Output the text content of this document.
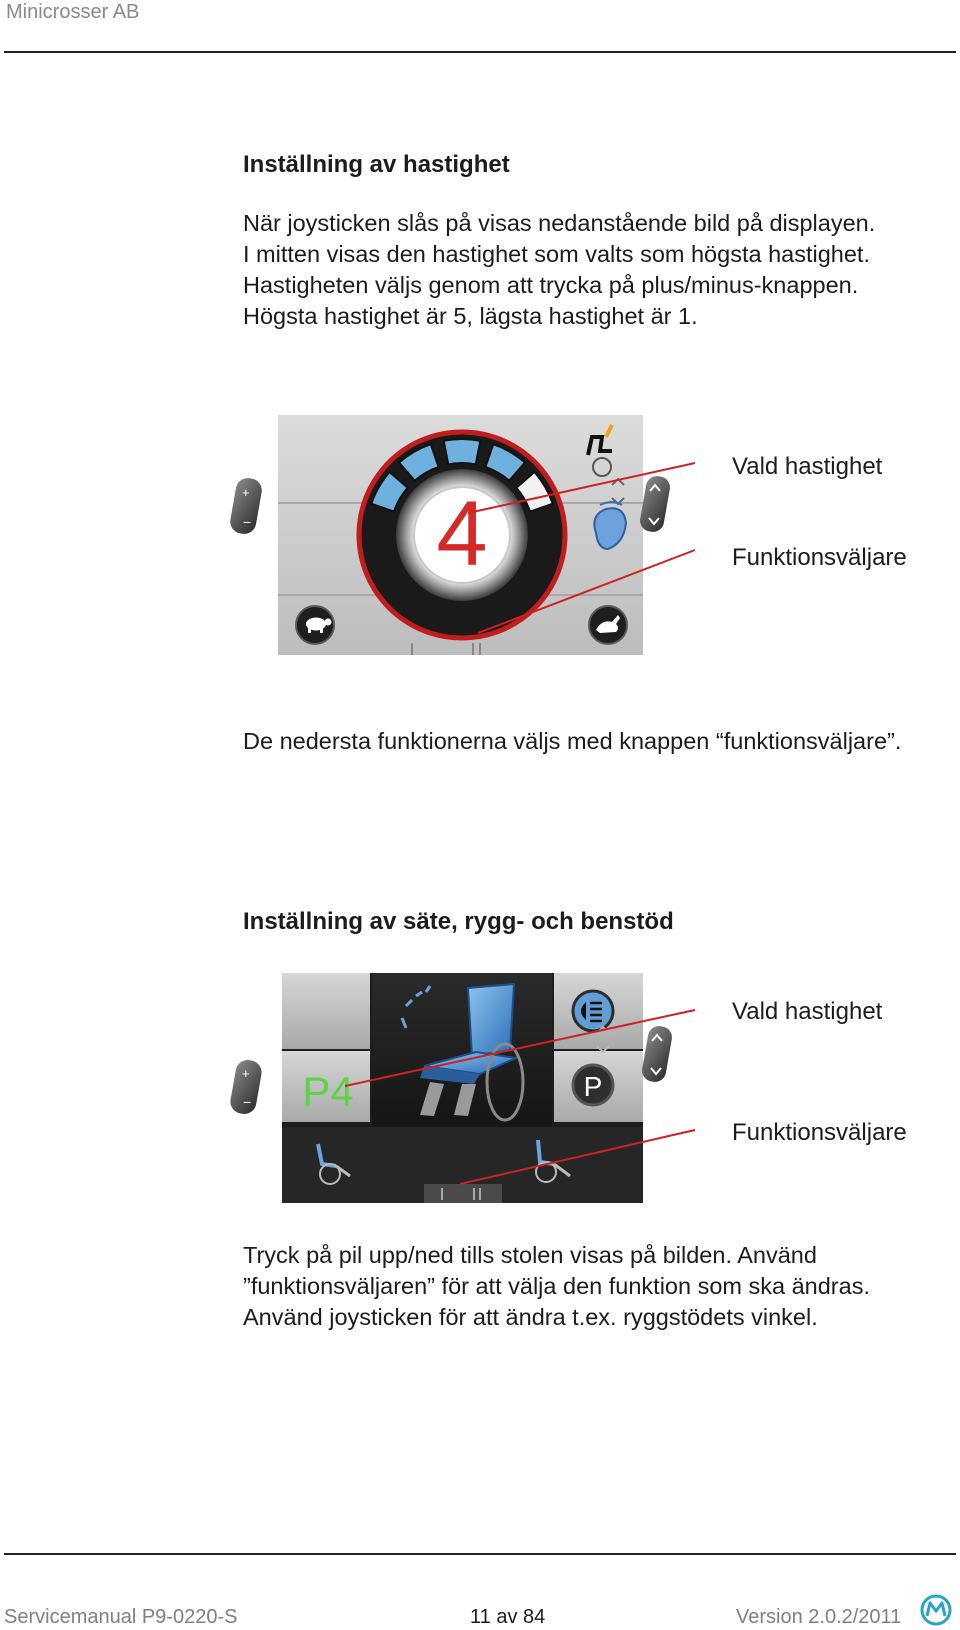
Minicrosser AB
Inställning av hastighet
När joysticken slås på visas nedanstående bild på displayen.
I mitten visas den hastighet som valts som högsta hastighet.
Hastigheten väljs genom att trycka på plus/minus-knappen.
Högsta hastighet är 5, lägsta hastighet är 1.
4
+
−
Vald hastighet
Funktionsväljare
De nedersta funktionerna väljs med knappen “funktionsväljare”.
Inställning av säte, rygg- och benstöd
P4	P
+
−
Vald hastighet
Funktionsväljare
Tryck på pil upp/ned tills stolen visas på bilden. Använd
”funktionsväljaren” för att välja den funktion som ska ändras.
Använd joysticken för att ändra t.ex. ryggstödets vinkel.
Servicemanual P9-0220-S	11 av 84	Version 2.0.2/2011
